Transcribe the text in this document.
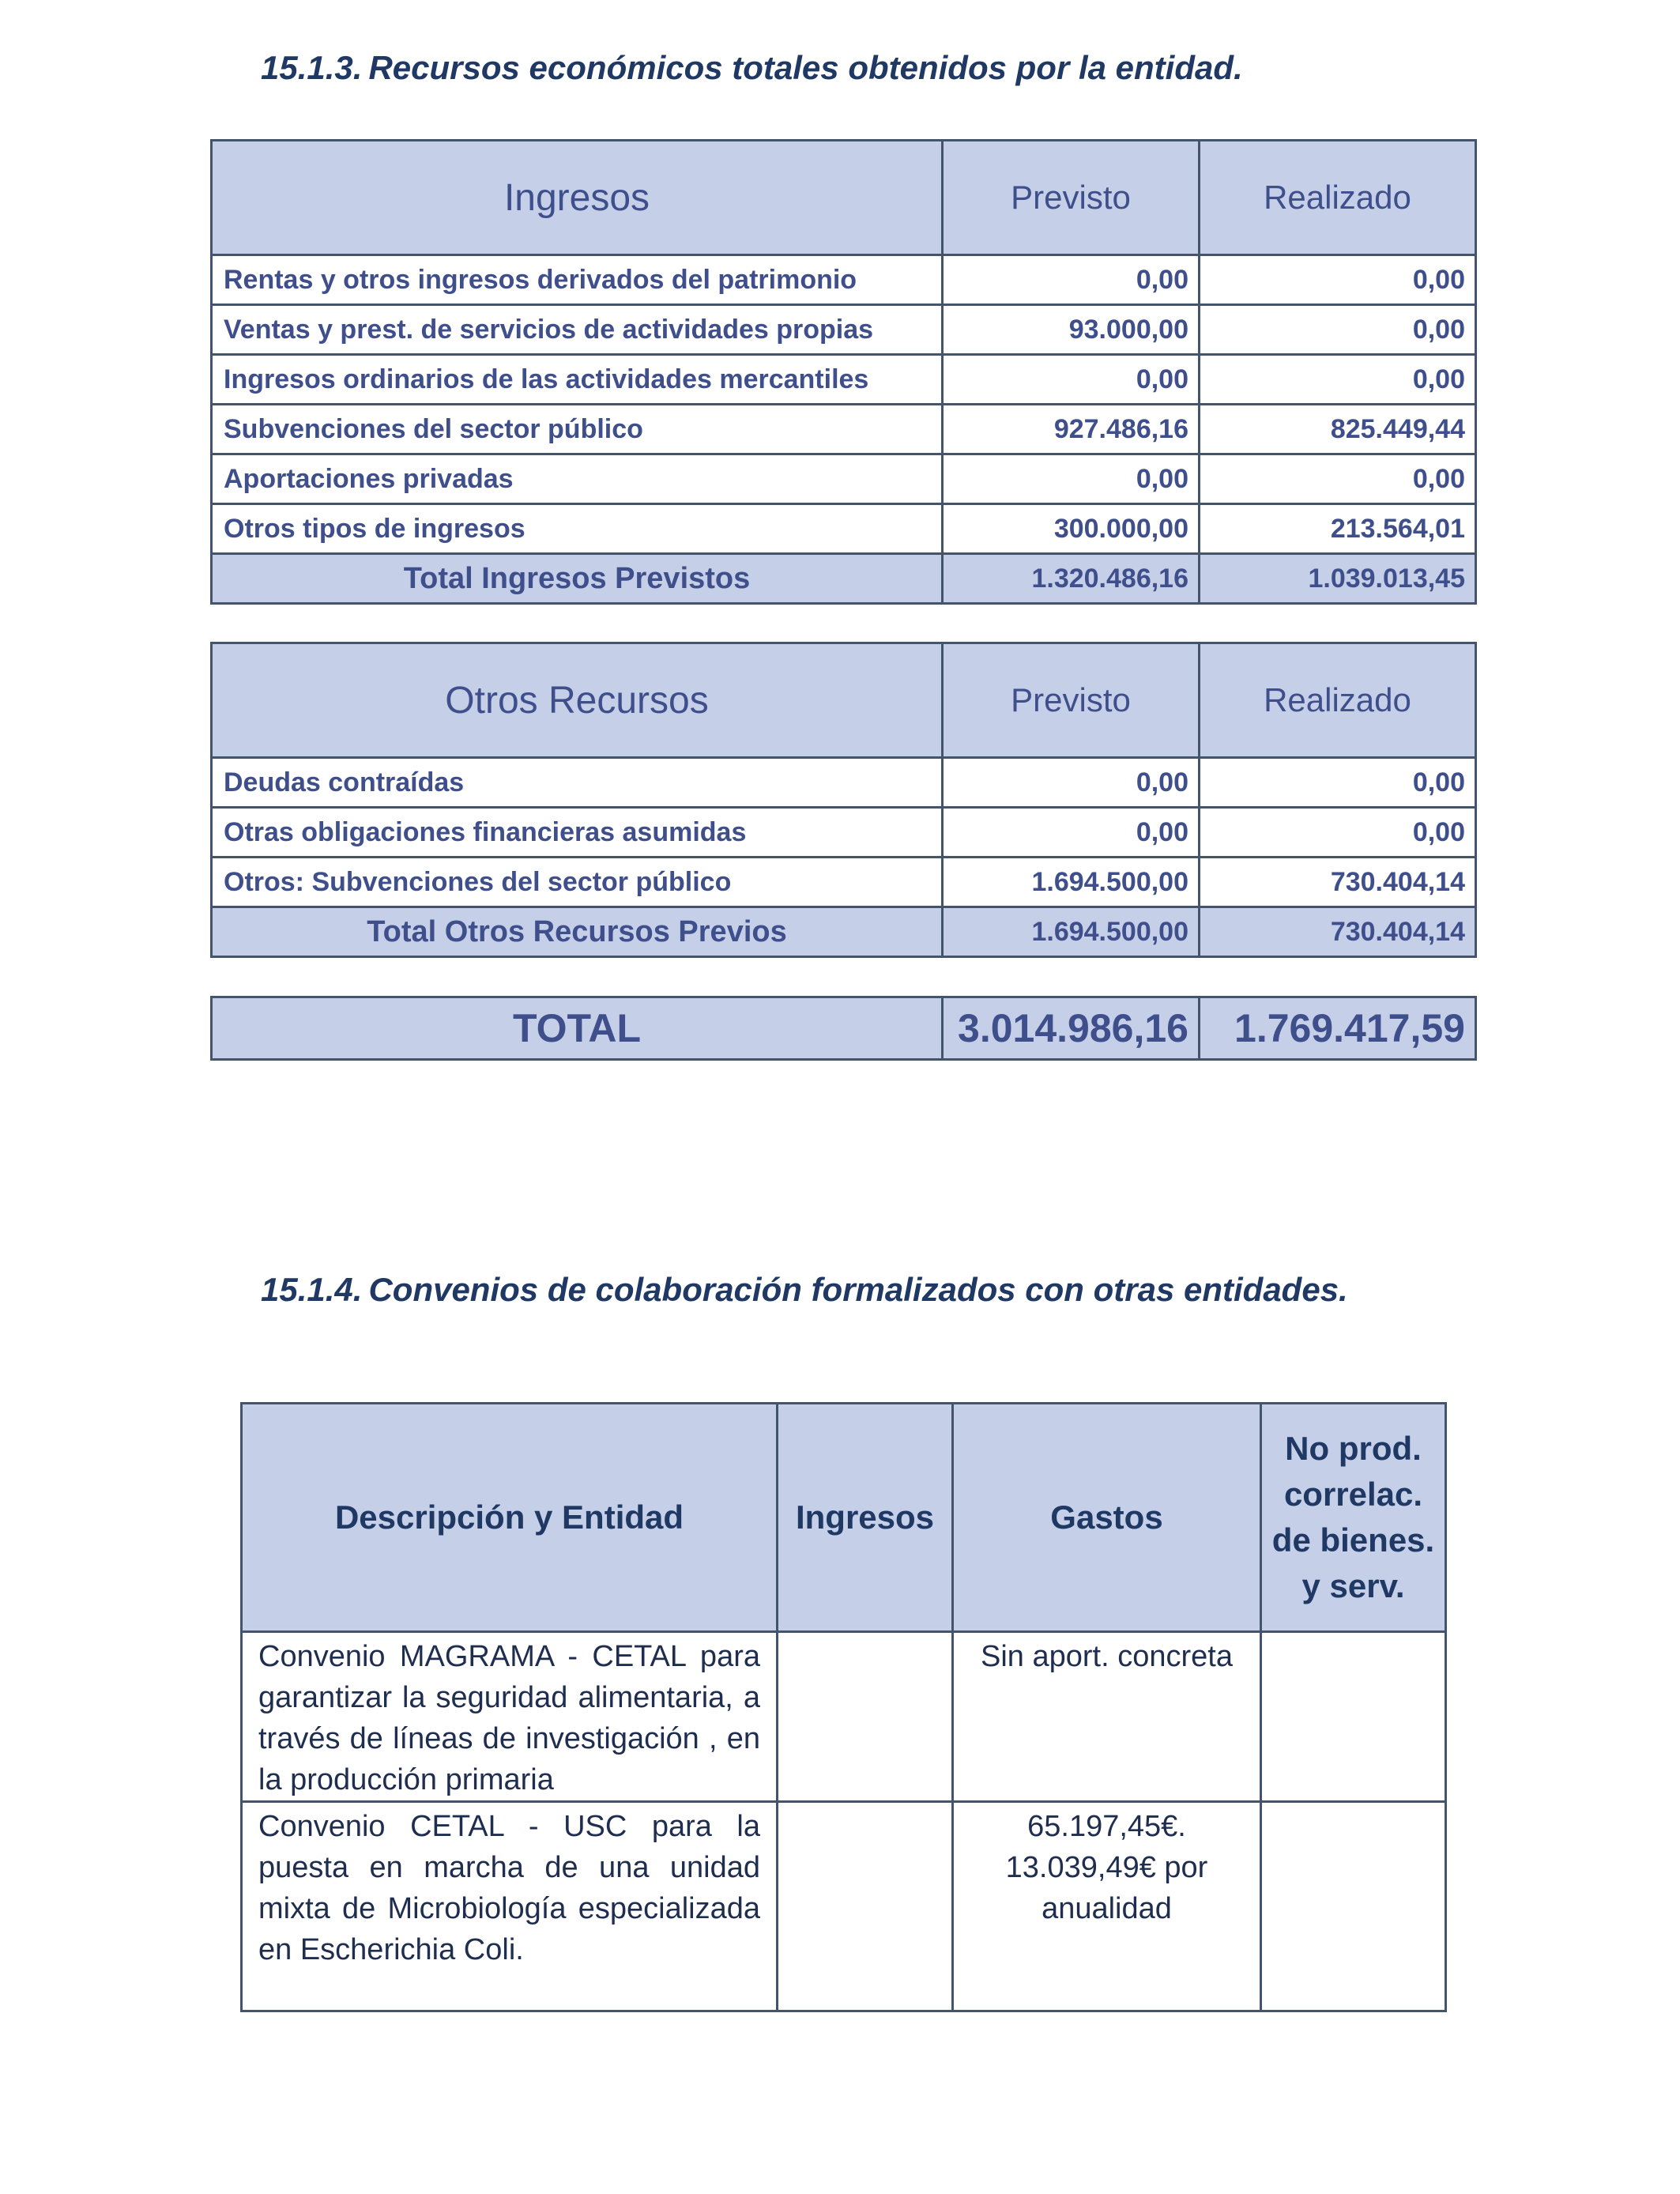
15.1.3. Recursos económicos totales obtenidos por la entidad.
Ingresos	Previsto	Realizado
Rentas y otros ingresos derivados del patrimonio	0,00	0,00
Ventas y prest. de servicios de actividades propias	93.000,00	0,00
Ingresos ordinarios de las actividades mercantiles	0,00	0,00
Subvenciones del sector público	927.486,16	825.449,44
Aportaciones privadas	0,00	0,00
Otros tipos de ingresos	300.000,00	213.564,01
Total Ingresos Previstos	1.320.486,16	1.039.013,45
Otros Recursos	Previsto	Realizado
Deudas contraídas	0,00	0,00
Otras obligaciones financieras asumidas	0,00	0,00
Otros: Subvenciones del sector público	1.694.500,00	730.404,14
Total Otros Recursos Previos	1.694.500,00	730.404,14
TOTAL	3.014.986,16	1.769.417,59
15.1.4. Convenios de colaboración formalizados con otras entidades.
Descripción y Entidad	Ingresos	Gastos	No prod. correlac. de bienes. y serv.
Convenio MAGRAMA - CETAL para garantizar la seguridad alimentaria, a través de líneas de investigación , en la producción primaria		Sin aport. concreta	
Convenio CETAL - USC para la puesta en marcha de una unidad mixta de Microbiología especializada en Escherichia Coli.		65.197,45€. 13.039,49€ por anualidad	
